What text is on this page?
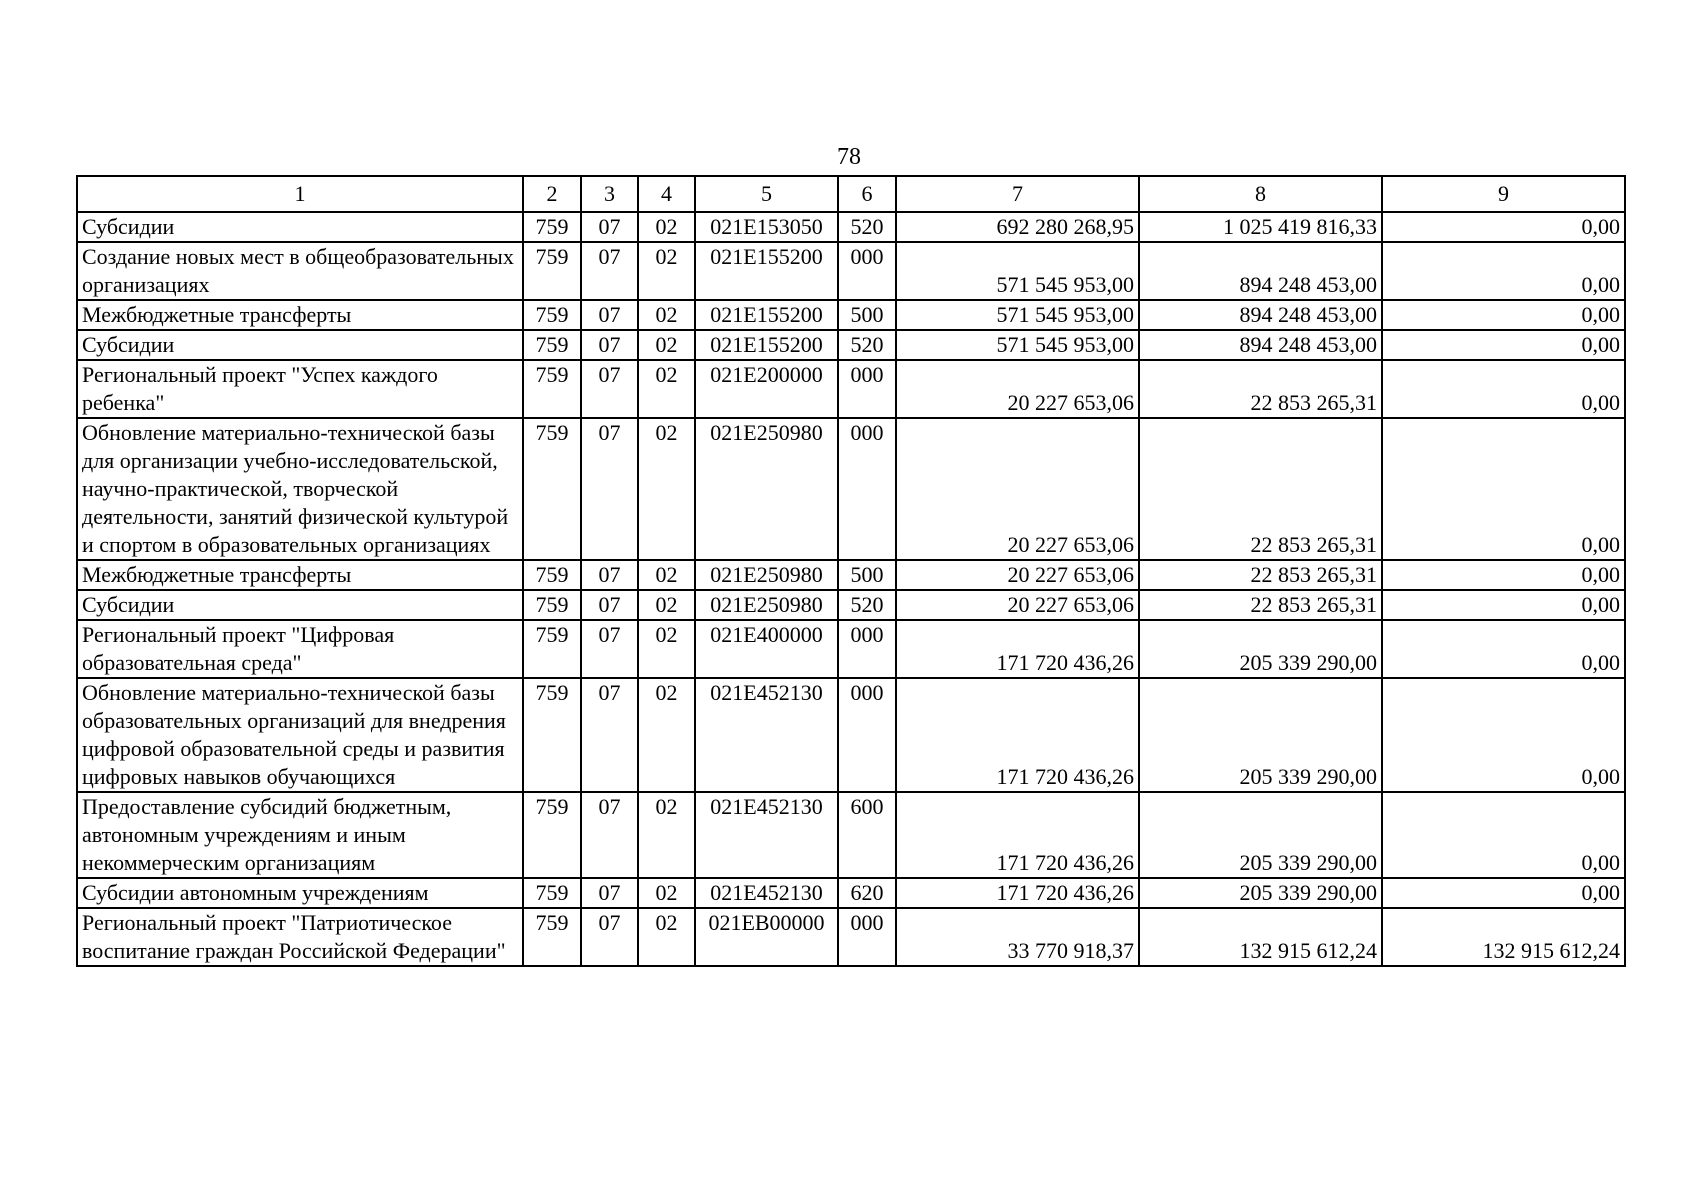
78
1	2	3	4	5	6	7	8	9
Субсидии	759	07	02	021E153050	520	692 280 268,95	1 025 419 816,33	0,00
Создание новых мест в общеобразовательных организациях	759	07	02	021E155200	000	571 545 953,00	894 248 453,00	0,00
Межбюджетные трансферты	759	07	02	021E155200	500	571 545 953,00	894 248 453,00	0,00
Субсидии	759	07	02	021E155200	520	571 545 953,00	894 248 453,00	0,00
Региональный проект "Успех каждого ребенка"	759	07	02	021E200000	000	20 227 653,06	22 853 265,31	0,00
Обновление материально-технической базы для организации учебно-исследовательской, научно-практической, творческой деятельности, занятий физической культурой и спортом в образовательных организациях	759	07	02	021E250980	000	20 227 653,06	22 853 265,31	0,00
Межбюджетные трансферты	759	07	02	021E250980	500	20 227 653,06	22 853 265,31	0,00
Субсидии	759	07	02	021E250980	520	20 227 653,06	22 853 265,31	0,00
Региональный проект "Цифровая образовательная среда"	759	07	02	021E400000	000	171 720 436,26	205 339 290,00	0,00
Обновление материально-технической базы образовательных организаций для внедрения цифровой образовательной среды и развития цифровых навыков обучающихся	759	07	02	021E452130	000	171 720 436,26	205 339 290,00	0,00
Предоставление субсидий бюджетным, автономным учреждениям и иным некоммерческим организациям	759	07	02	021E452130	600	171 720 436,26	205 339 290,00	0,00
Субсидии автономным учреждениям	759	07	02	021E452130	620	171 720 436,26	205 339 290,00	0,00
Региональный проект "Патриотическое воспитание граждан Российской Федерации"	759	07	02	021EB00000	000	33 770 918,37	132 915 612,24	132 915 612,24
